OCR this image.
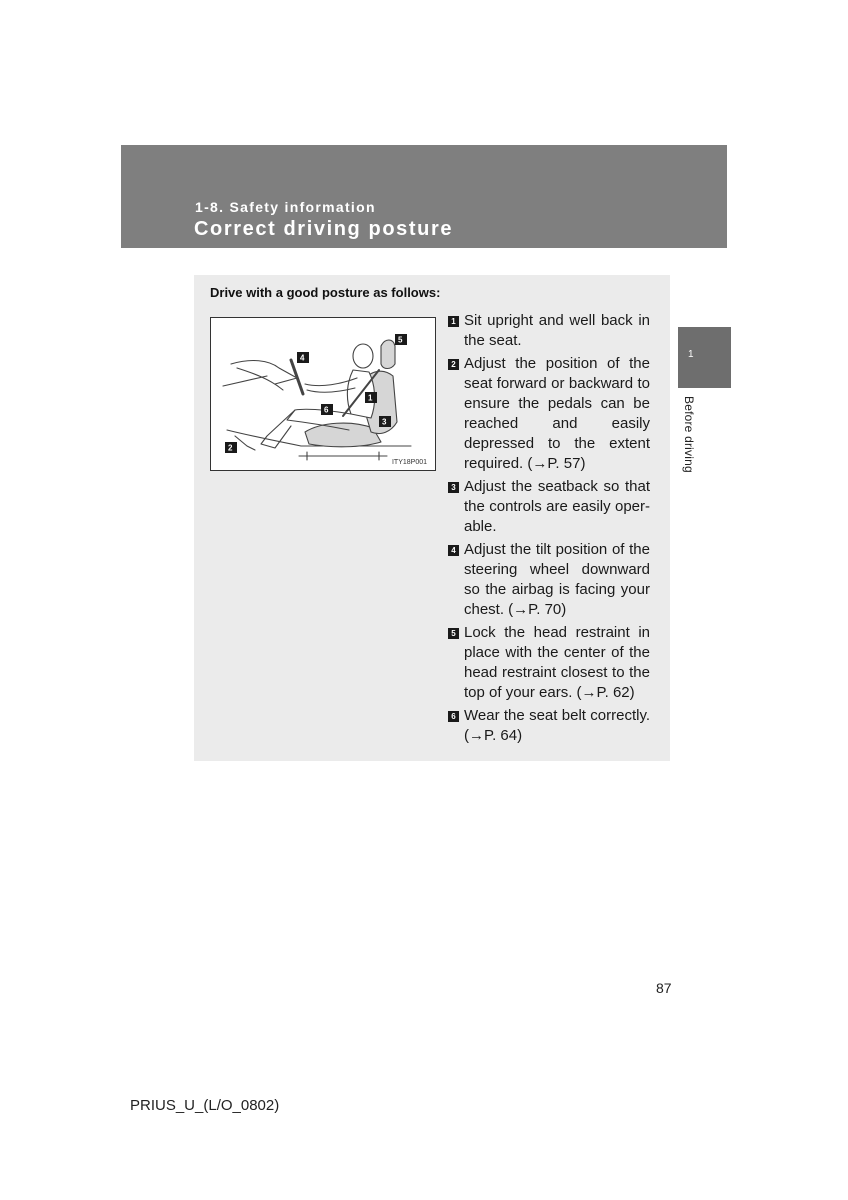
1-8. Safety information
Correct driving posture
1
Before driving
Drive with a good posture as follows:
4
5
1
6
3
2
ITY18P001
1 Sit upright and well back in the seat.
2 Adjust the position of the seat forward or backward to ensure the pedals can be reached and easily depressed to the extent required. (→P. 57)
3 Adjust the seatback so that the controls are easily oper-able.
4 Adjust the tilt position of the steering wheel downward so the airbag is facing your chest. (→P. 70)
5 Lock the head restraint in place with the center of the head restraint closest to the top of your ears. (→P. 62)
6 Wear the seat belt correctly. (→P. 64)
87
PRIUS_U_(L/O_0802)
